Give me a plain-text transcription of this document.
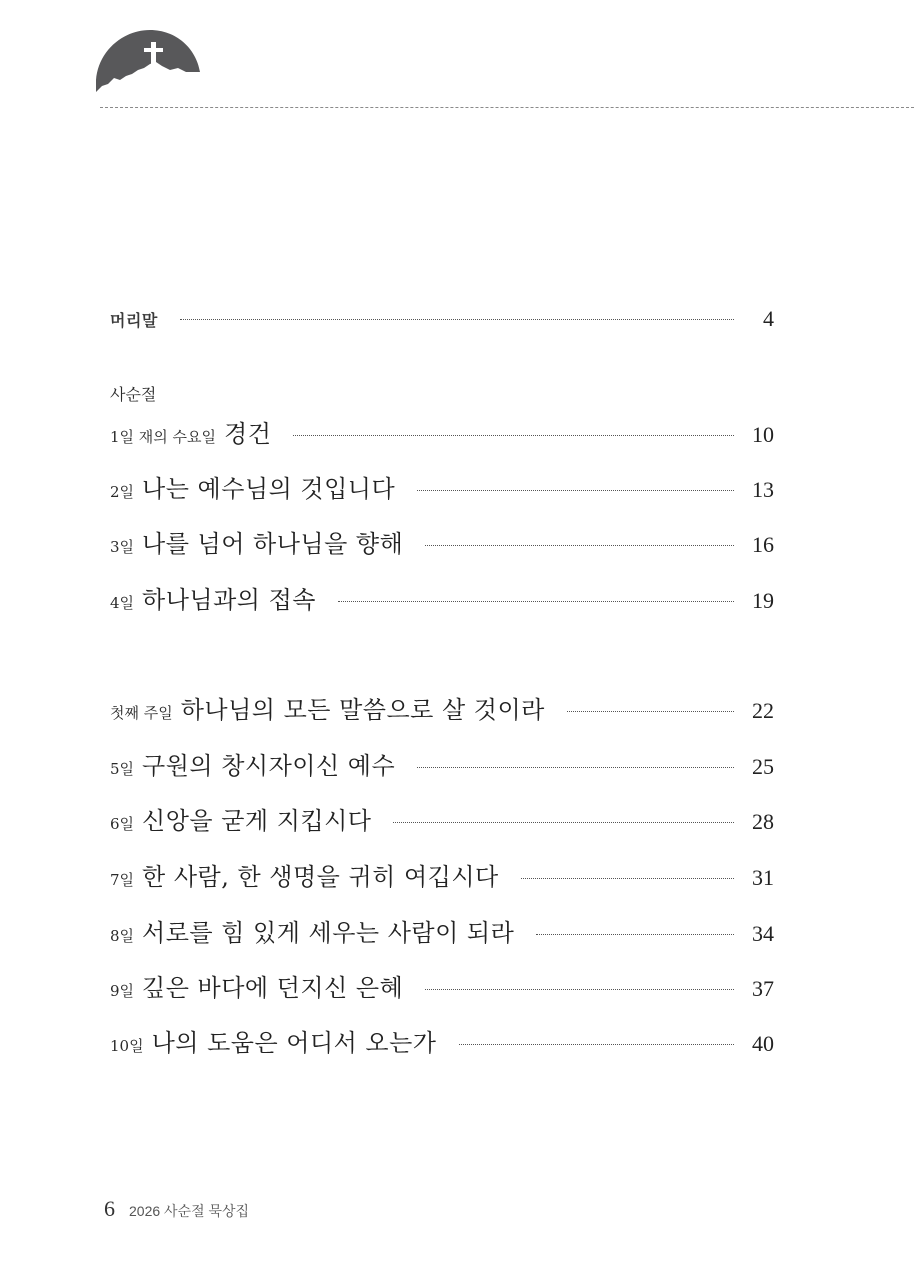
머리말	4
사순절
1일 재의 수요일 경건	10
2일 나는 예수님의 것입니다	13
3일 나를 넘어 하나님을 향해	16
4일 하나님과의 접속	19
첫째 주일 하나님의 모든 말씀으로 살 것이라	22
5일 구원의 창시자이신 예수	25
6일 신앙을 굳게 지킵시다	28
7일 한 사람, 한 생명을 귀히 여깁시다	31
8일 서로를 힘 있게 세우는 사람이 되라	34
9일 깊은 바다에 던지신 은혜	37
10일 나의 도움은 어디서 오는가	40
6 2026 사순절 묵상집
